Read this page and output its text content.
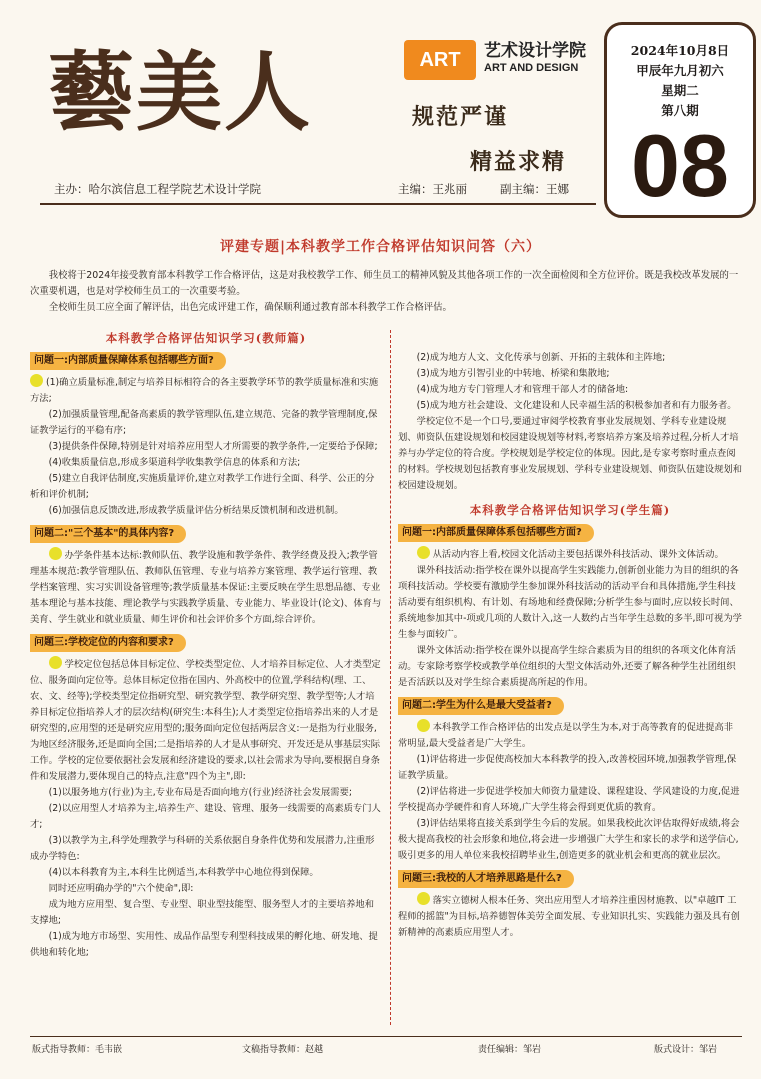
藝美人	ART	艺术设计学院
ART AND DESIGN
规范严谨
精益求精
2024年10月8日
甲辰年九月初六
星期二
第八期
08
主办：哈尔滨信息工程学院艺术设计学院	主编：王兆丽	副主编：王娜
评建专题|本科教学工作合格评估知识问答（六）

我校将于2024年接受教育部本科教学工作合格评估，这是对我校教学工作、师生员工的精神风貌及其他各项工作的一次全面检阅和全方位评价。既是我校改革发展的一次重要机遇，也是对学校师生员工的一次重要考验。

全校师生员工应全面了解评估，出色完成评建工作，确保顺利通过教育部本科教学工作合格评估。

本科教学合格评估知识学习(教师篇)
问题一:内部质量保障体系包括哪些方面?

(1)确立质量标准,制定与培养目标相符合的各主要教学环节的教学质量标准和实施方法;

(2)加强质量管理,配备高素质的教学管理队伍,建立规范、完备的教学管理制度,保证教学运行的平稳有序;

(3)提供条件保障,特别是针对培养应用型人才所需要的教学条件,一定要给予保障;

(4)收集质量信息,形成多渠道科学收集教学信息的体系和方法;

(5)建立自我评估制度,实施质量评价,建立对教学工作进行全面、科学、公正的分析和评价机制;

(6)加强信息反馈改进,形成教学质量评估分析结果反馈机制和改进机制。

问题二:"三个基本"的具体内容?

办学条件基本达标:教师队伍、教学设施和教学条件、教学经费及投入;教学管理基本规范:教学管理队伍、教师队伍管理、专业与培养方案管理、教学运行管理、教学档案管理、实习实训设备管理等;教学质量基本保证:主要反映在学生思想品德、专业基本理论与基本技能、理论教学与实践教学质量、专业能力、毕业设计(论文)、体育与美育、学生就业和就业质量、师生评价和社会评价多个方面,综合评价。

问题三:学校定位的内容和要求?

学校定位包括总体目标定位、学校类型定位、人才培养目标定位、人才类型定位、服务面向定位等。总体目标定位指在国内、外高校中的位置,学科结构(理、工、农、文、经等);学校类型定位指研究型、研究教学型、教学研究型、教学型等;人才培养目标定位指培养人才的层次结构(研究生:本科生);人才类型定位指培养出来的人才是研究型的,应用型的还是研究应用型的;服务面向定位包括两层含义:一是指为行业服务,为地区经济服务,还是面向全国;二是指培养的人才是从事研究、开发还是从事基层实际工作。学校的定位要依据社会发展和经济建设的要求,以社会需求为导向,要根据自身条件和发展潜力,要体现自己的特点,注意"四个为主",即:

(1)以服务地方(行业)为主,专业布局是否面向地方(行业)经济社会发展需要;

(2)以应用型人才培养为主,培养生产、建设、管理、服务一线需要的高素质专门人才;

(3)以教学为主,科学处理教学与科研的关系依据自身条件优势和发展潜力,注重形成办学特色:

(4)以本科教育为主,本科生比例适当,本科教学中心地位得到保障。

同时还应明确办学的"六个使命",即:

成为地方应用型、复合型、专业型、职业型技能型、服务型人才的主要培养地和支撑地;

(1)成为地方市场型、实用性、成品作品型专利型科技成果的孵化地、研发地、提供地和转化地;

(2)成为地方人文、文化传承与创新、开拓的主载体和主阵地;

(3)成为地方引智引业的中转地、桥梁和集散地;

(4)成为地方专门管理人才和管理干部人才的储备地:

(5)成为地方社会建设、文化建设和人民幸福生活的积极参加者和有力服务者。

学校定位不是一个口号,要通过审阅学校教育事业发展规划、学科专业建设规划、师资队伍建设规划和校园建设规划等材料,考察培养方案及培养过程,分析人才培养与办学定位的符合度。学校规划是学校定位的体现。因此,是专家考察时重点查阅的材料。学校规划包括教育事业发展规划、学科专业建设规划、师资队伍建设规划和校园建设规划。

本科教学合格评估知识学习(学生篇)
问题一:内部质量保障体系包括哪些方面?

从活动内容上看,校园文化活动主要包括课外科技活动、课外文体活动。

课外科技活动:指学校在课外以提高学生实践能力,创新创业能力为目的组织的各项科技活动。学校要有激励学生参加课外科技活动的活动平台和具体措施,学生科技活动要有组织机构、有计划、有场地和经费保障;分析学生参与面时,应以较长时间、系统地参加其中-项或几项的人数计入,这一人数约占当年学生总数的多半,即可视为学生参与面较广。

课外文体活动:指学校在课外以提高学生综合素质为目的组织的各项文化体育活动。专家除考察学校或教学单位组织的大型文体活动外,还要了解各种学生社团组织是否活跃以及对学生综合素质提高所起的作用。

问题二:学生为什么是最大受益者?

本科教学工作合格评估的出发点是以学生为本,对于高等教育的促进提高非常明显,最大受益者是广大学生。

(1)评估将进一步促使高校加大本科教学的投入,改善校园环境,加强教学管理,保证教学质量。

(2)评估将进一步促进学校加大师资力量建设、课程建设、学风建设的力度,促进学校提高办学硬件和育人环境,广大学生将会得到更优质的教育。

(3)评估结果将直接关系到学生今后的发展。如果我校此次评估取得好成绩,将会极大提高我校的社会形象和地位,将会进一步增强广大学生和家长的求学和送学信心,吸引更多的用人单位来我校招聘毕业生,创造更多的就业机会和更高的就业层次。

问题三:我校的人才培养思路是什么?

落实立德树人根本任务、突出应用型人才培养注重因材施教、以"卓越IT 工程师的摇篮"为目标,培养德智体美劳全面发展、专业知识扎实、实践能力强及具有创新精神的高素质应用型人才。

版式指导教师：毛韦嵌	文稿指导教师：赵越	责任编辑：邹岩	版式设计：邹岩
